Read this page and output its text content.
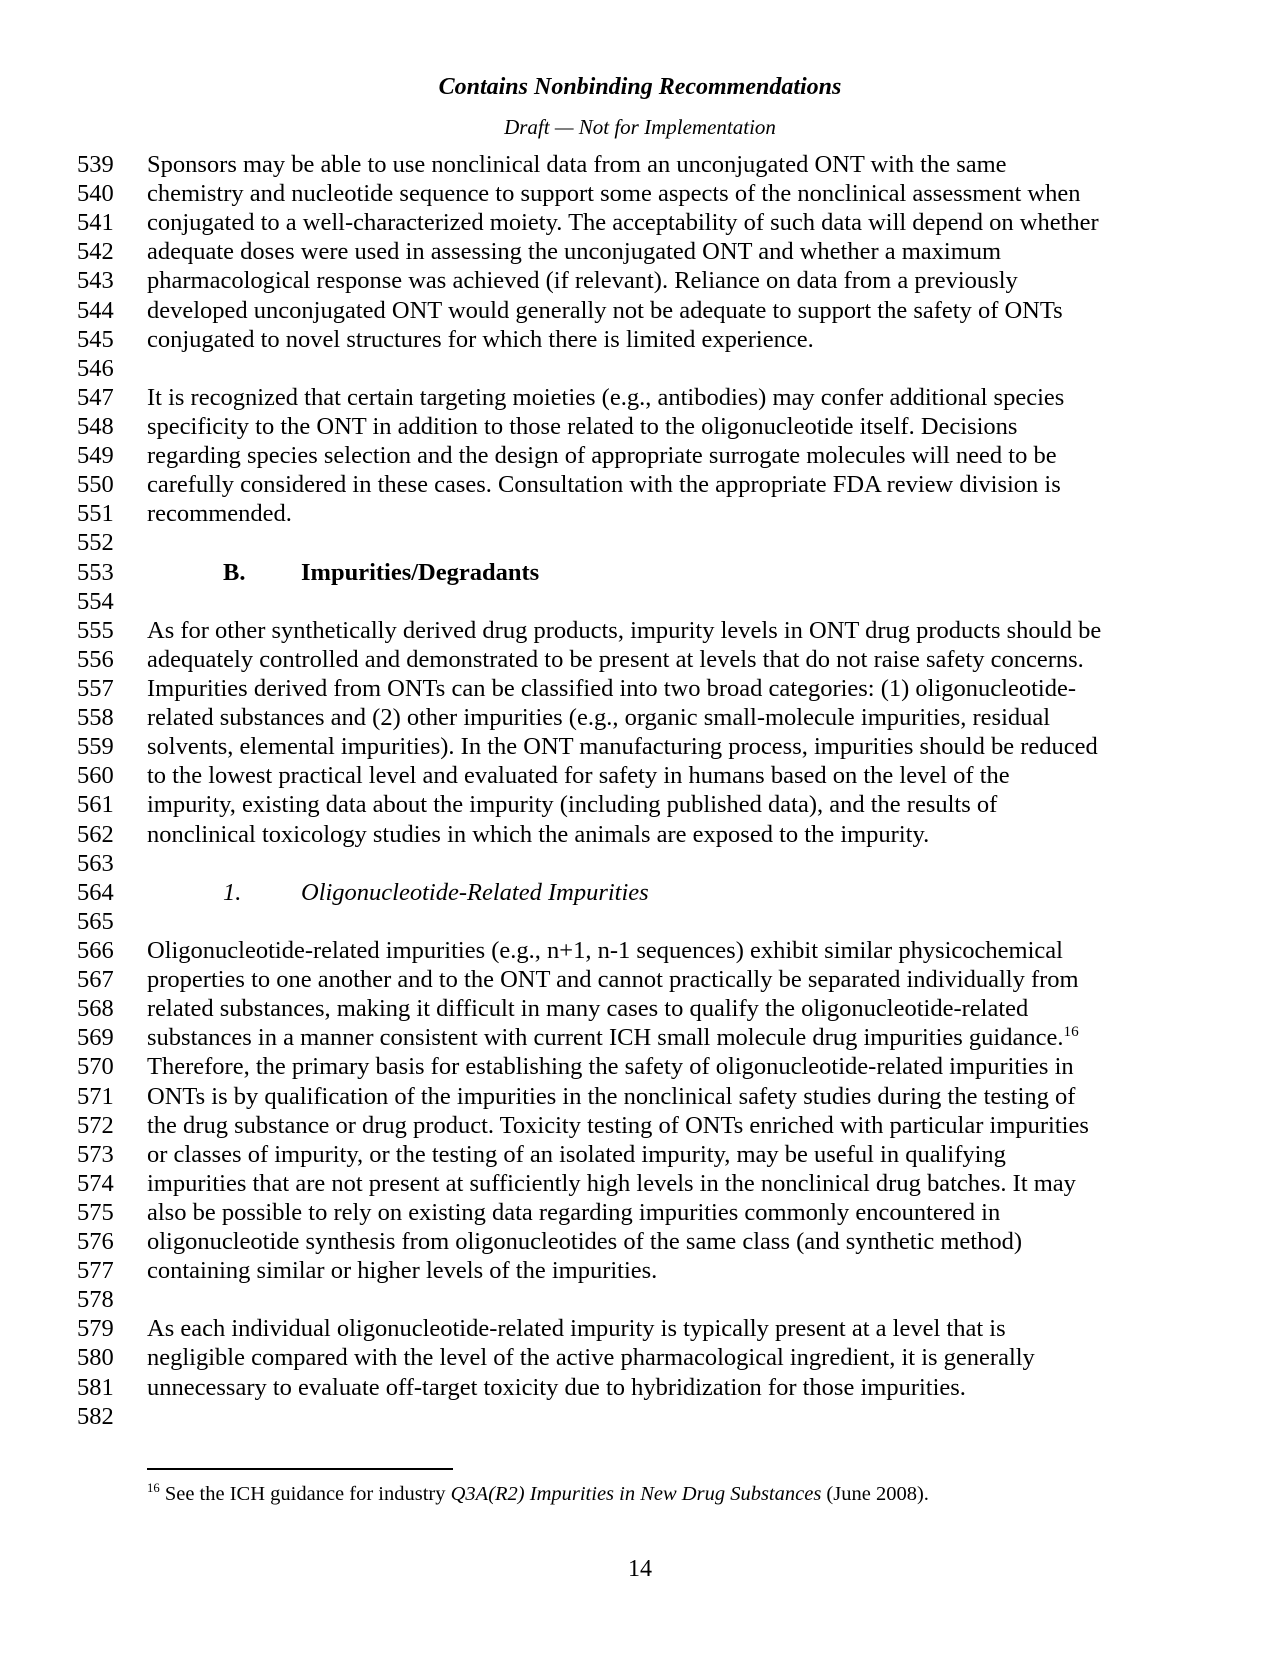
Contains Nonbinding Recommendations
Draft — Not for Implementation
539 Sponsors may be able to use nonclinical data from an unconjugated ONT with the same
540 chemistry and nucleotide sequence to support some aspects of the nonclinical assessment when
541 conjugated to a well-characterized moiety. The acceptability of such data will depend on whether
542 adequate doses were used in assessing the unconjugated ONT and whether a maximum
543 pharmacological response was achieved (if relevant). Reliance on data from a previously
544 developed unconjugated ONT would generally not be adequate to support the safety of ONTs
545 conjugated to novel structures for which there is limited experience.
546
547 It is recognized that certain targeting moieties (e.g., antibodies) may confer additional species
548 specificity to the ONT in addition to those related to the oligonucleotide itself. Decisions
549 regarding species selection and the design of appropriate surrogate molecules will need to be
550 carefully considered in these cases. Consultation with the appropriate FDA review division is
551 recommended.
552
553	B. Impurities/Degradants
554
555 As for other synthetically derived drug products, impurity levels in ONT drug products should be
556 adequately controlled and demonstrated to be present at levels that do not raise safety concerns.
557 Impurities derived from ONTs can be classified into two broad categories: (1) oligonucleotide-
558 related substances and (2) other impurities (e.g., organic small-molecule impurities, residual
559 solvents, elemental impurities). In the ONT manufacturing process, impurities should be reduced
560 to the lowest practical level and evaluated for safety in humans based on the level of the
561 impurity, existing data about the impurity (including published data), and the results of
562 nonclinical toxicology studies in which the animals are exposed to the impurity.
563
564	1. Oligonucleotide-Related Impurities
565
566 Oligonucleotide-related impurities (e.g., n+1, n-1 sequences) exhibit similar physicochemical
567 properties to one another and to the ONT and cannot practically be separated individually from
568 related substances, making it difficult in many cases to qualify the oligonucleotide-related
569 substances in a manner consistent with current ICH small molecule drug impurities guidance.$^{16}$
570 Therefore, the primary basis for establishing the safety of oligonucleotide-related impurities in
571 ONTs is by qualification of the impurities in the nonclinical safety studies during the testing of
572 the drug substance or drug product. Toxicity testing of ONTs enriched with particular impurities
573 or classes of impurity, or the testing of an isolated impurity, may be useful in qualifying
574 impurities that are not present at sufficiently high levels in the nonclinical drug batches. It may
575 also be possible to rely on existing data regarding impurities commonly encountered in
576 oligonucleotide synthesis from oligonucleotides of the same class (and synthetic method)
577 containing similar or higher levels of the impurities.
578
579 As each individual oligonucleotide-related impurity is typically present at a level that is
580 negligible compared with the level of the active pharmacological ingredient, it is generally
581 unnecessary to evaluate off-target toxicity due to hybridization for those impurities.
582
$^{16}$ See the ICH guidance for industry Q3A(R2) Impurities in New Drug Substances (June 2008).
14
